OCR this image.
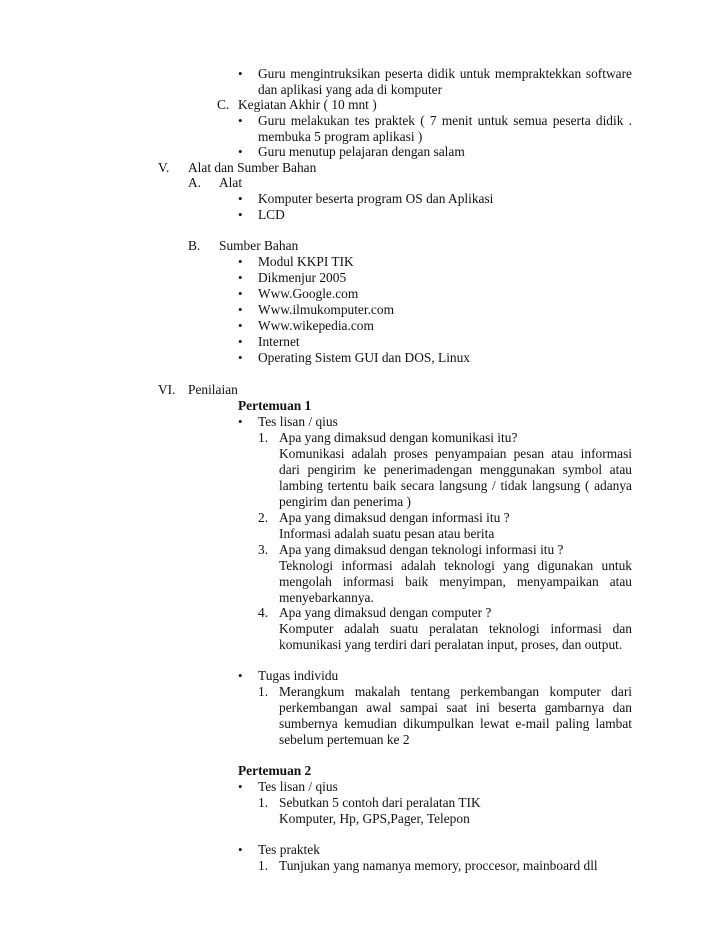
• Guru mengintruksikan peserta didik untuk mempraktekkan software
dan aplikasi yang ada di komputer
C. Kegiatan Akhir ( 10 mnt )
• Guru melakukan tes praktek ( 7 menit untuk semua peserta didik .
membuka 5 program aplikasi )
• Guru menutup pelajaran dengan salam
V. Alat dan Sumber Bahan
A. Alat
• Komputer beserta program OS dan Aplikasi
• LCD
B. Sumber Bahan
• Modul KKPI TIK
• Dikmenjur 2005
• Www.Google.com
• Www.ilmukomputer.com
• Www.wikepedia.com
• Internet
• Operating Sistem GUI dan DOS, Linux
VI. Penilaian
Pertemuan 1
• Tes lisan / qius
1. Apa yang dimaksud dengan komunikasi itu?
Komunikasi adalah proses penyampaian pesan atau informasi
dari pengirim ke penerimadengan menggunakan symbol atau
lambing tertentu baik secara langsung / tidak langsung ( adanya
pengirim dan penerima )
2. Apa yang dimaksud dengan informasi itu ?
Informasi adalah suatu pesan atau berita
3. Apa yang dimaksud dengan teknologi informasi itu ?
Teknologi informasi adalah teknologi yang digunakan untuk
mengolah informasi baik menyimpan, menyampaikan atau
menyebarkannya.
4. Apa yang dimaksud dengan computer ?
Komputer adalah suatu peralatan teknologi informasi dan
komunikasi yang terdiri dari peralatan input, proses, dan output.
• Tugas individu
1. Merangkum makalah tentang perkembangan komputer dari
perkembangan awal sampai saat ini beserta gambarnya dan
sumbernya kemudian dikumpulkan lewat e-mail paling lambat
sebelum pertemuan ke 2
Pertemuan 2
• Tes lisan / qius
1. Sebutkan 5 contoh dari peralatan TIK
Komputer, Hp, GPS,Pager, Telepon
• Tes praktek
1. Tunjukan yang namanya memory, proccesor, mainboard dll
